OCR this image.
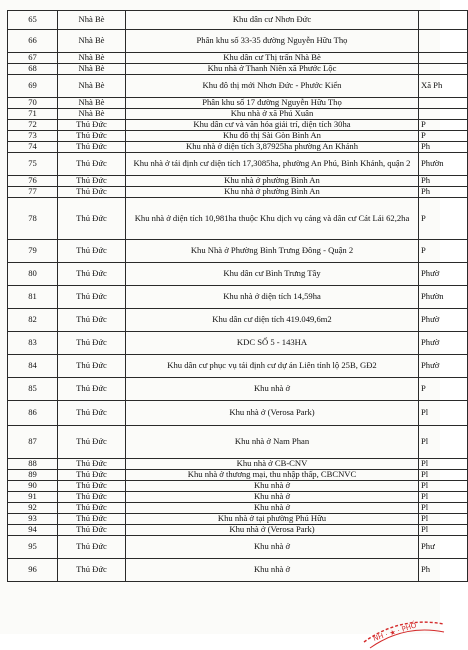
65	Nhà Bè	Khu dân cư Nhơn Đức	
66	Nhà Bè	Phân khu số 33-35 đường Nguyễn Hữu Thọ	
67	Nhà Bè	Khu dân cư Thị trấn Nhà Bè	
68	Nhà Bè	Khu nhà ở Thanh Niên xã Phước Lộc	
69	Nhà Bè	Khu đô thị mới Nhơn Đức - Phước Kiển	Xã Ph
70	Nhà Bè	Phân khu số 17 đường Nguyễn Hữu Thọ	
71	Nhà Bè	Khu nhà ở xã Phú Xuân	
72	Thủ Đức	Khu dân cư và văn hóa giải trí, diện tích 30ha	P
73	Thủ Đức	Khu đô thị Sài Gòn Bình An	P
74	Thủ Đức	Khu nhà ở diện tích 3,87925ha phường An Khánh	Ph
75	Thủ Đức	Khu nhà ở tái định cư diện tích 17,3085ha, phường An Phú, Bình Khánh, quận 2	Phườn
76	Thủ Đức	Khu nhà ở phường Bình An	Ph
77	Thủ Đức	Khu nhà ở phường Bình An	Ph
78	Thủ Đức	Khu nhà ở diện tích 10,981ha thuộc Khu dịch vụ cảng và dân cư Cát Lái 62,2ha	P
79	Thủ Đức	Khu Nhà ở Phường Bình Trưng Đông - Quận 2	P
80	Thủ Đức	Khu dân cư Bình Trưng Tây	Phườ
81	Thủ Đức	Khu nhà ở diện tích 14,59ha	Phườn
82	Thủ Đức	Khu dân cư diện tích 419.049,6m2	Phườ
83	Thủ Đức	KDC SỐ 5 - 143HA	Phườ
84	Thủ Đức	Khu dân cư phục vụ tái định cư dự án Liên tỉnh lộ 25B, GĐ2	Phườ
85	Thủ Đức	Khu nhà ở	P
86	Thủ Đức	Khu nhà ở (Verosa Park)	Pl
87	Thủ Đức	Khu nhà ở Nam Phan	Pl
88	Thủ Đức	Khu nhà ở CB-CNV	Pl
89	Thủ Đức	Khu nhà ở thương mại, thu nhập thấp, CBCNVC	Pl
90	Thủ Đức	Khu nhà ở	Pl
91	Thủ Đức	Khu nhà ở	Pl
92	Thủ Đức	Khu nhà ở	Pl
93	Thủ Đức	Khu nhà ở tại phường Phú Hữu	Pl
94	Thủ Đức	Khu nhà ở (Verosa Park)	Pl
95	Thủ Đức	Khu nhà ở	Phư
96	Thủ Đức	Khu nhà ở	Ph
NH · ★ · PHỐ
